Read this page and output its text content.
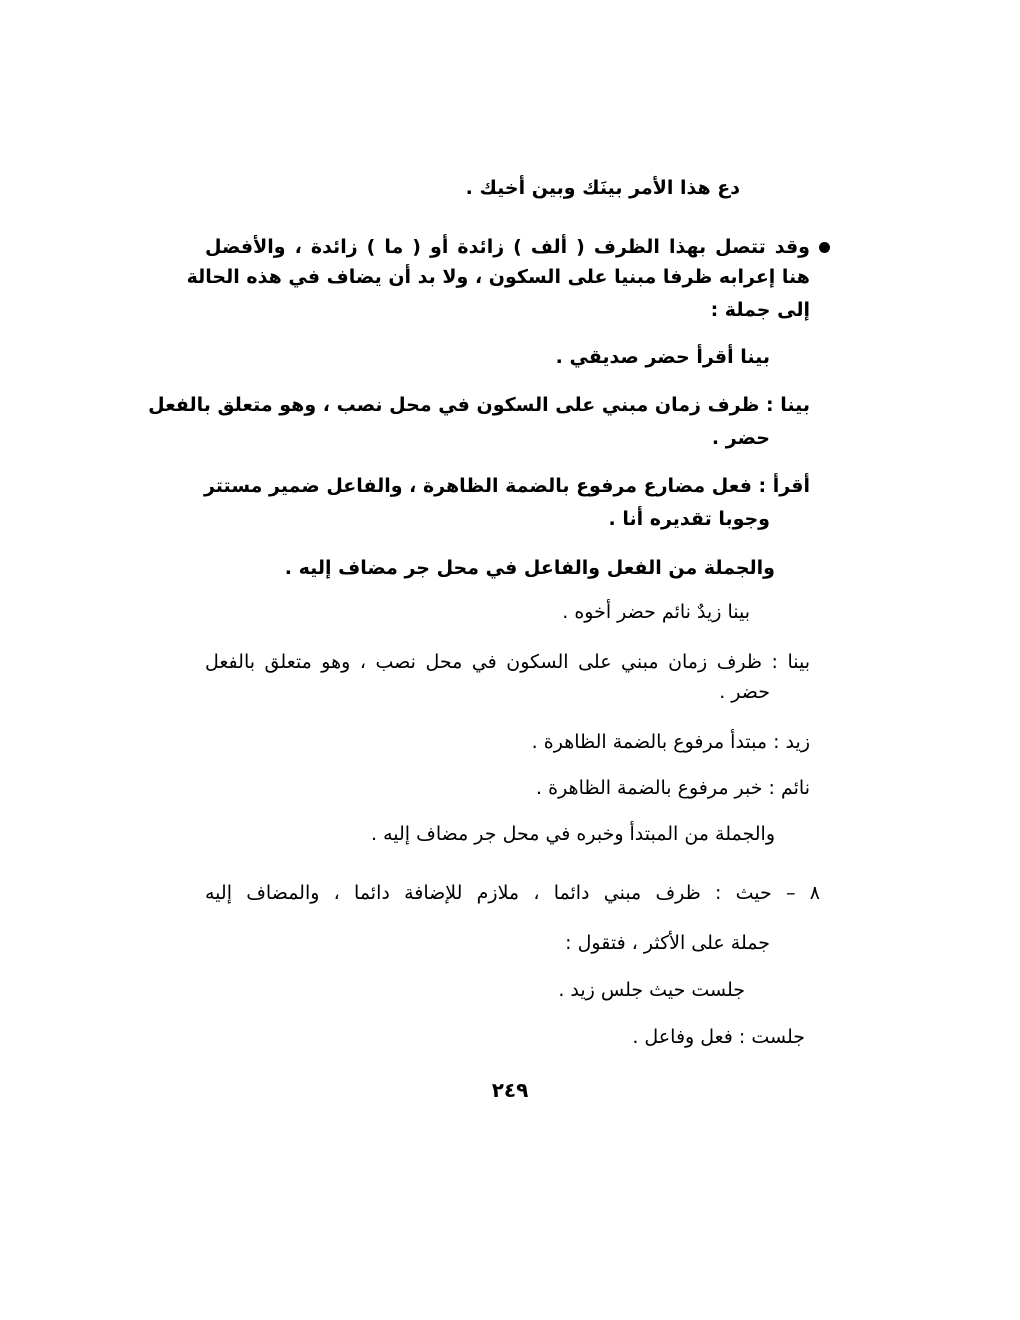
دع هذا الأمر بينَك وبين أخيك .
وقد تتصل بهذا الظرف ( ألف ) زائدة أو ( ما ) زائدة ، والأفضل
هنا إعرابه ظرفا مبنيا على السكون ، ولا بد أن يضاف في هذه الحالة
إلى جملة :
بينا أقرأ حضر صديقي .
بينا : ظرف زمان مبني على السكون في محل نصب ، وهو متعلق بالفعل
حضر .
أقرأ : فعل مضارع مرفوع بالضمة الظاهرة ، والفاعل ضمير مستتر
وجوبا تقديره أنا .
والجملة من الفعل والفاعل في محل جر مضاف إليه .
بينا زيدٌ نائم حضر أخوه .
بينا : ظرف زمان مبني على السكون في محل نصب ، وهو متعلق بالفعل
حضر .
زيد : مبتدأ مرفوع بالضمة الظاهرة .
نائم : خبر مرفوع بالضمة الظاهرة .
والجملة من المبتدأ وخبره في محل جر مضاف إليه .
٨ – حيث : ظرف مبني دائما ، ملازم للإضافة دائما ، والمضاف إليه
جملة على الأكثر ، فتقول :
جلست حيث جلس زيد .
جلست : فعل وفاعل .
٢٤٩
